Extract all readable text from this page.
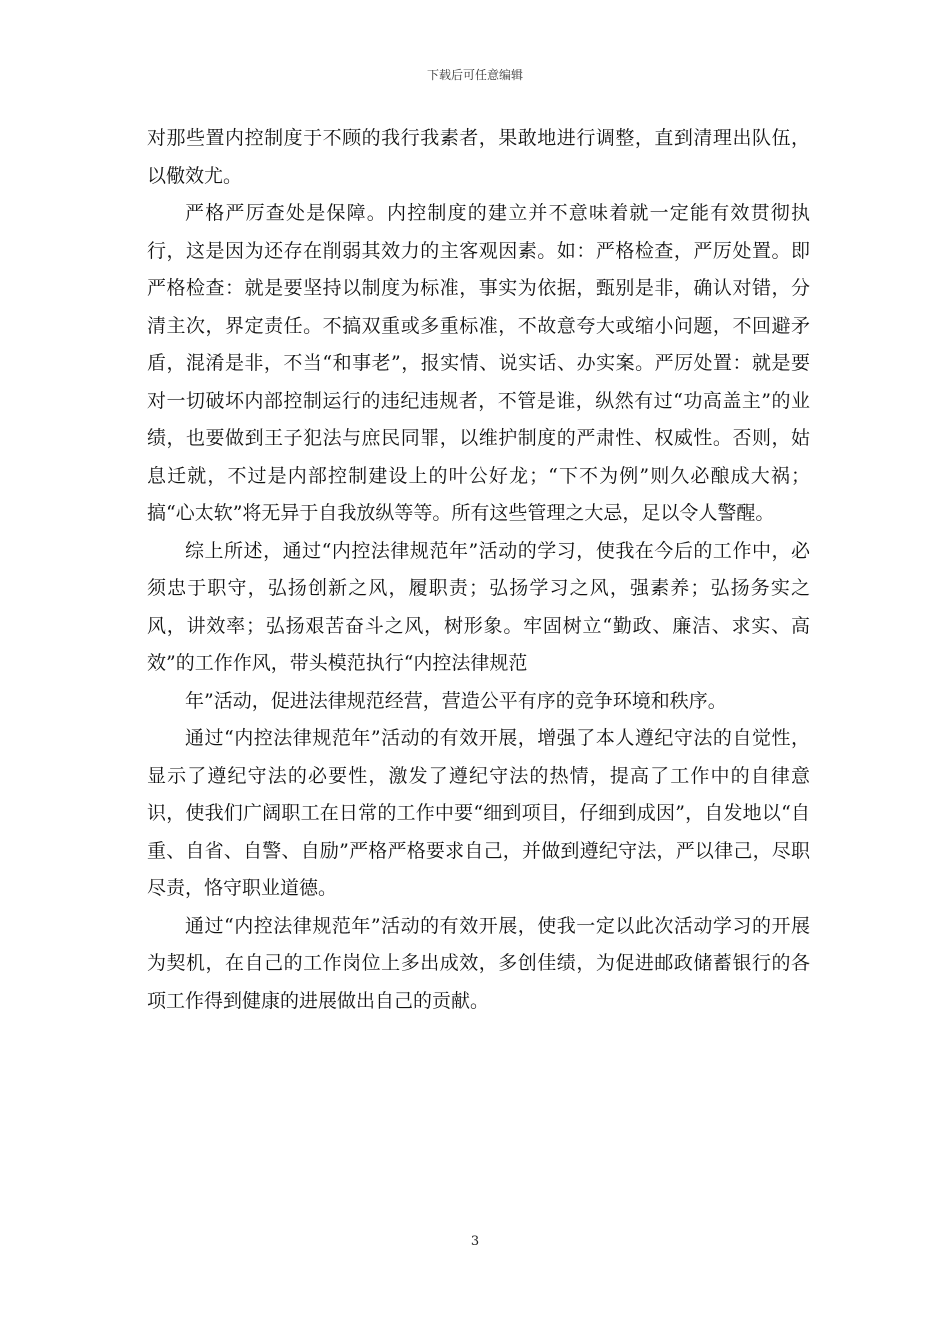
下载后可任意编辑

对那些置内控制度于不顾的我行我素者，果敢地进行调整，直到清理出队伍，以儆效尤。

严格严厉查处是保障。内控制度的建立并不意味着就一定能有效贯彻执行，这是因为还存在削弱其效力的主客观因素。如：严格检查，严厉处置。即严格检查：就是要坚持以制度为标准，事实为依据，甄别是非，确认对错，分清主次，界定责任。不搞双重或多重标准，不故意夸大或缩小问题，不回避矛盾，混淆是非，不当“和事老”，报实情、说实话、办实案。严厉处置：就是要对一切破坏内部控制运行的违纪违规者，不管是谁，纵然有过“功高盖主”的业绩，也要做到王子犯法与庶民同罪，以维护制度的严肃性、权威性。否则，姑息迁就，不过是内部控制建设上的叶公好龙；“下不为例”则久必酿成大祸；搞“心太软”将无异于自我放纵等等。所有这些管理之大忌，足以令人警醒。

综上所述，通过“内控法律规范年”活动的学习，使我在今后的工作中，必须忠于职守，弘扬创新之风，履职责；弘扬学习之风，强素养；弘扬务实之风，讲效率；弘扬艰苦奋斗之风，树形象。牢固树立“勤政、廉洁、求实、高效”的工作作风，带头模范执行“内控法律规范

年”活动，促进法律规范经营，营造公平有序的竞争环境和秩序。

通过“内控法律规范年”活动的有效开展，增强了本人遵纪守法的自觉性，显示了遵纪守法的必要性，激发了遵纪守法的热情，提高了工作中的自律意识，使我们广阔职工在日常的工作中要“细到项目，仔细到成因”，自发地以“自重、自省、自警、自励”严格严格要求自己，并做到遵纪守法，严以律己，尽职尽责，恪守职业道德。

通过“内控法律规范年”活动的有效开展，使我一定以此次活动学习的开展为契机，在自己的工作岗位上多出成效，多创佳绩，为促进邮政储蓄银行的各项工作得到健康的进展做出自己的贡献。

3
